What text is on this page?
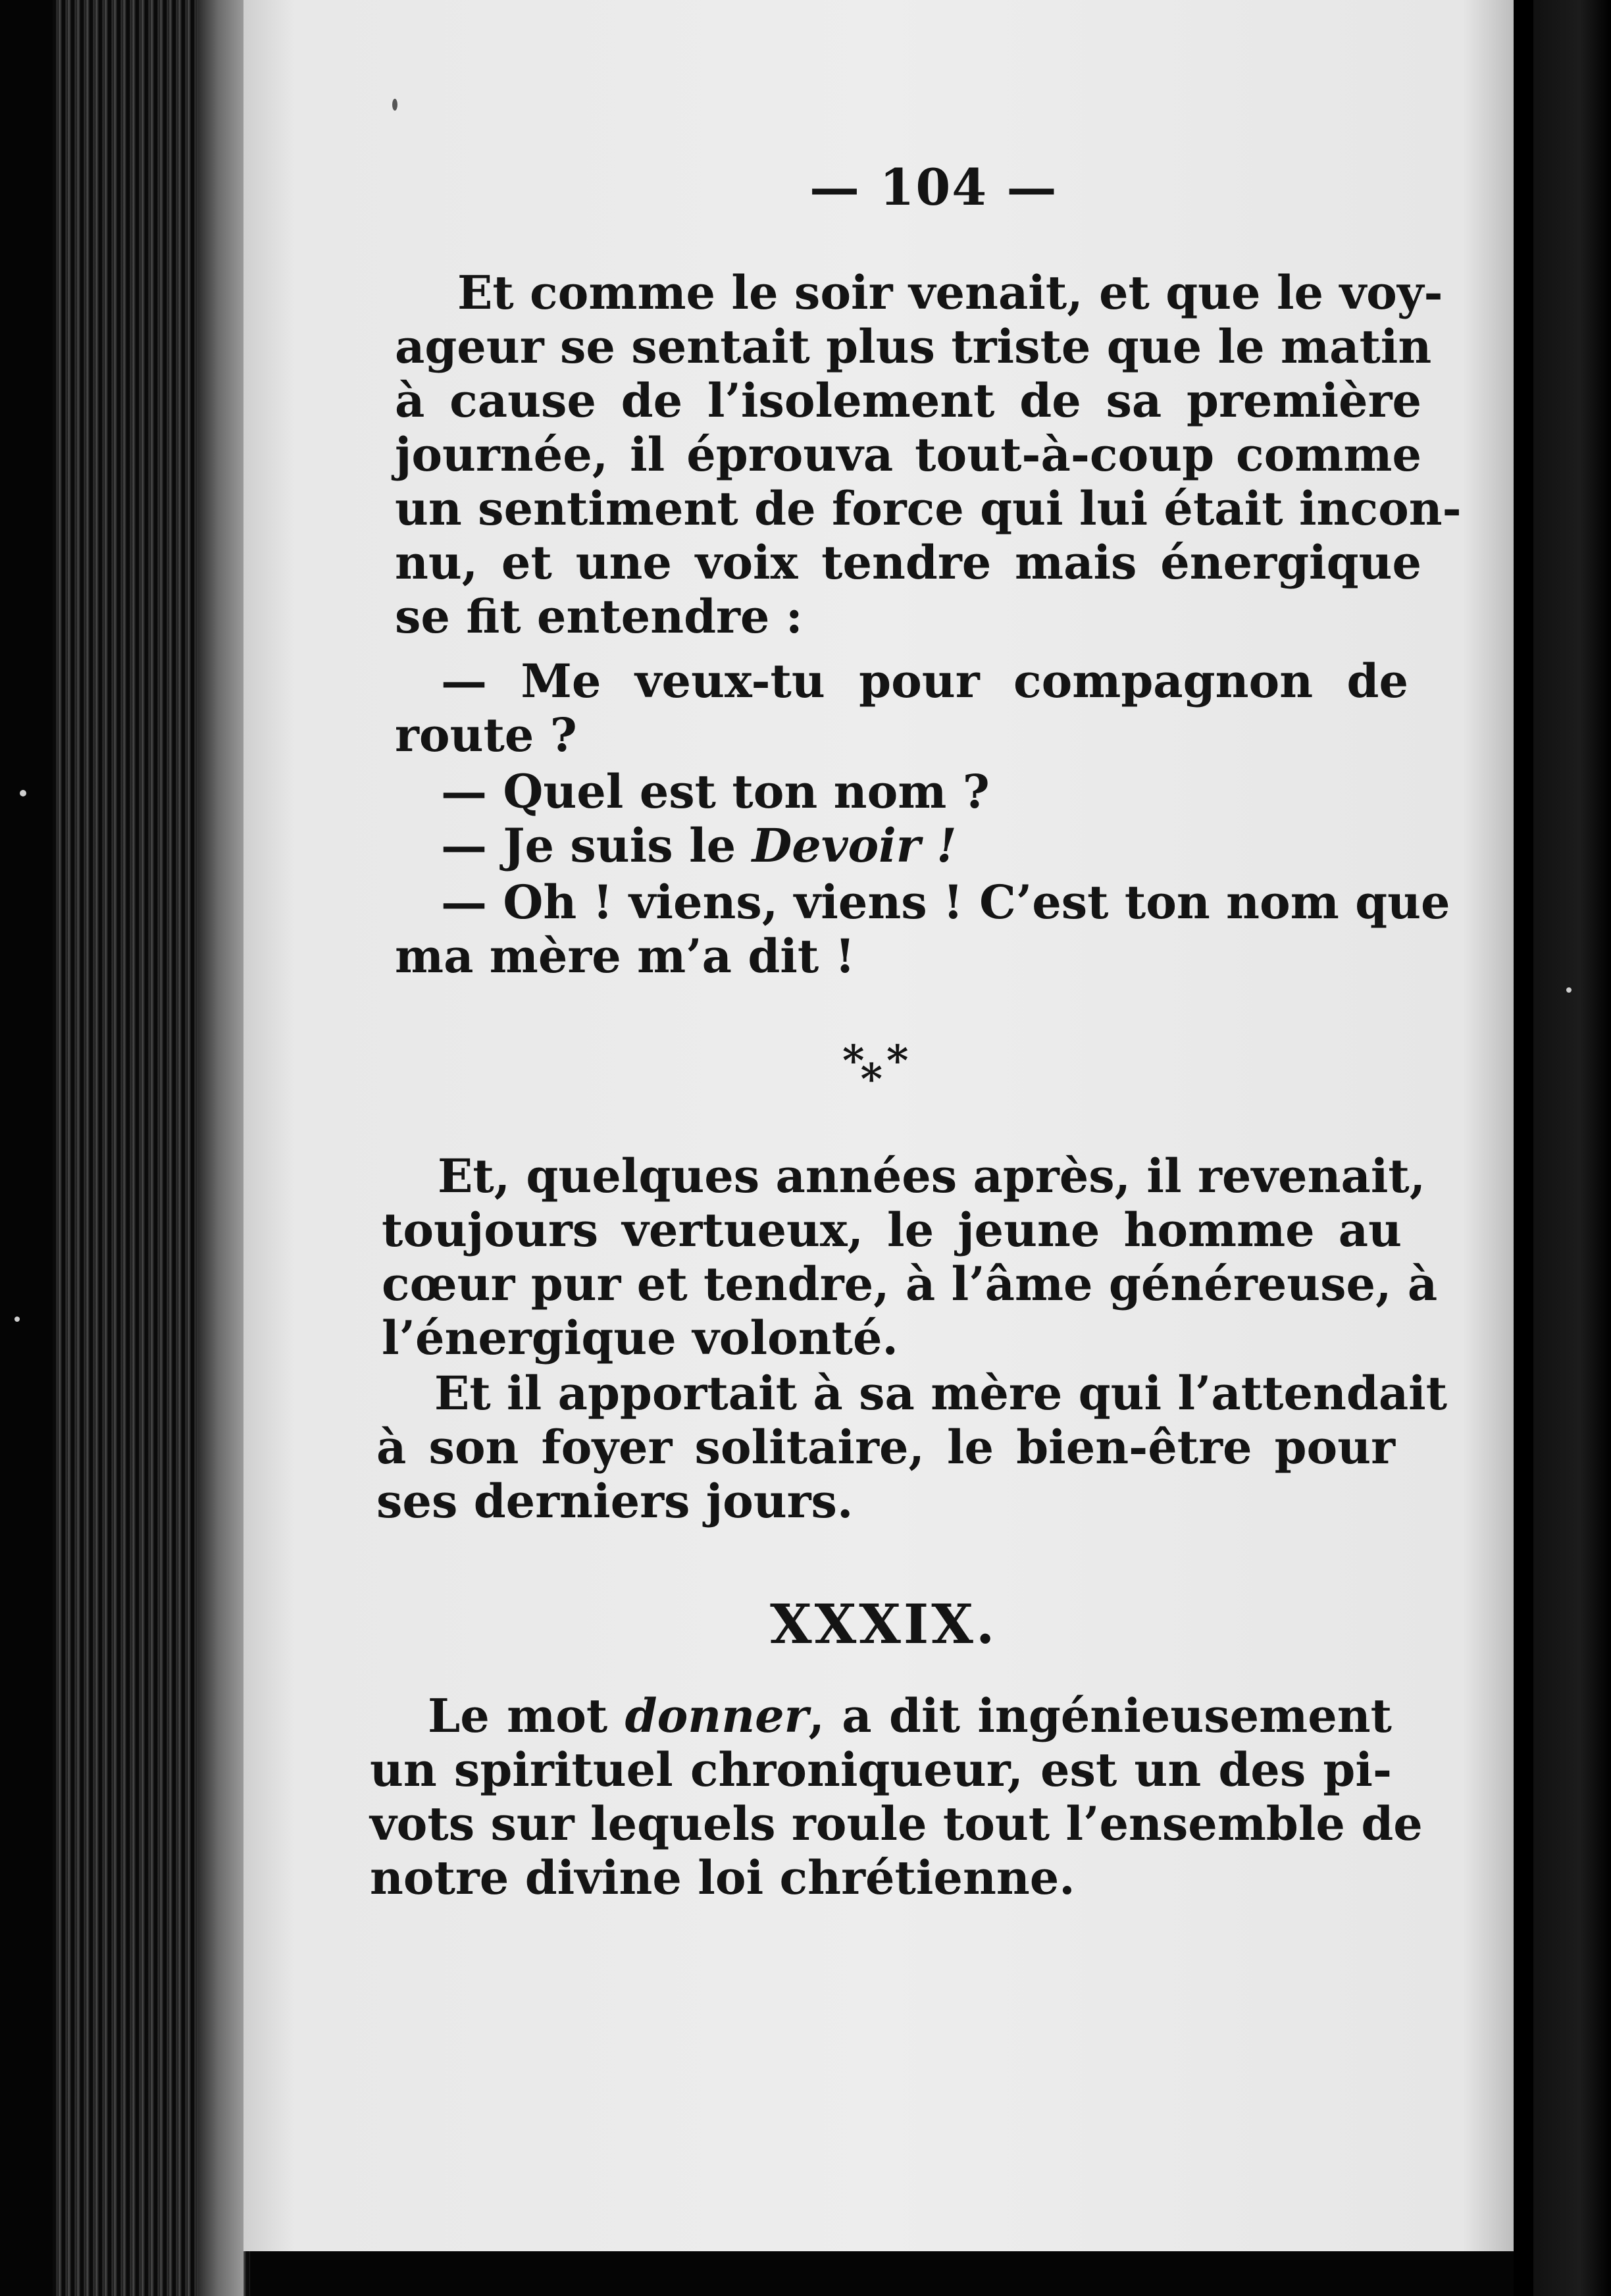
— 104 —
Et comme le soir venait, et que le voy-
ageur se sentait plus triste que le matin
à cause de l’isolement de sa première
journée, il éprouva tout-à-coup comme
un sentiment de force qui lui était incon-
nu, et une voix tendre mais énergique
se fit entendre :
— Me veux-tu pour compagnon de
route ?
— Quel est ton nom ?
— Je suis le Devoir !
— Oh ! viens, viens ! C’est ton nom que
ma mère m’a dit !
***
Et, quelques années après, il revenait,
toujours vertueux, le jeune homme au
cœur pur et tendre, à l’âme généreuse, à
l’énergique volonté.
Et il apportait à sa mère qui l’attendait
à son foyer solitaire, le bien-être pour
ses derniers jours.
XXXIX.
Le mot donner, a dit ingénieusement
un spirituel chroniqueur, est un des pi-
vots sur lequels roule tout l’ensemble de
notre divine loi chrétienne.
